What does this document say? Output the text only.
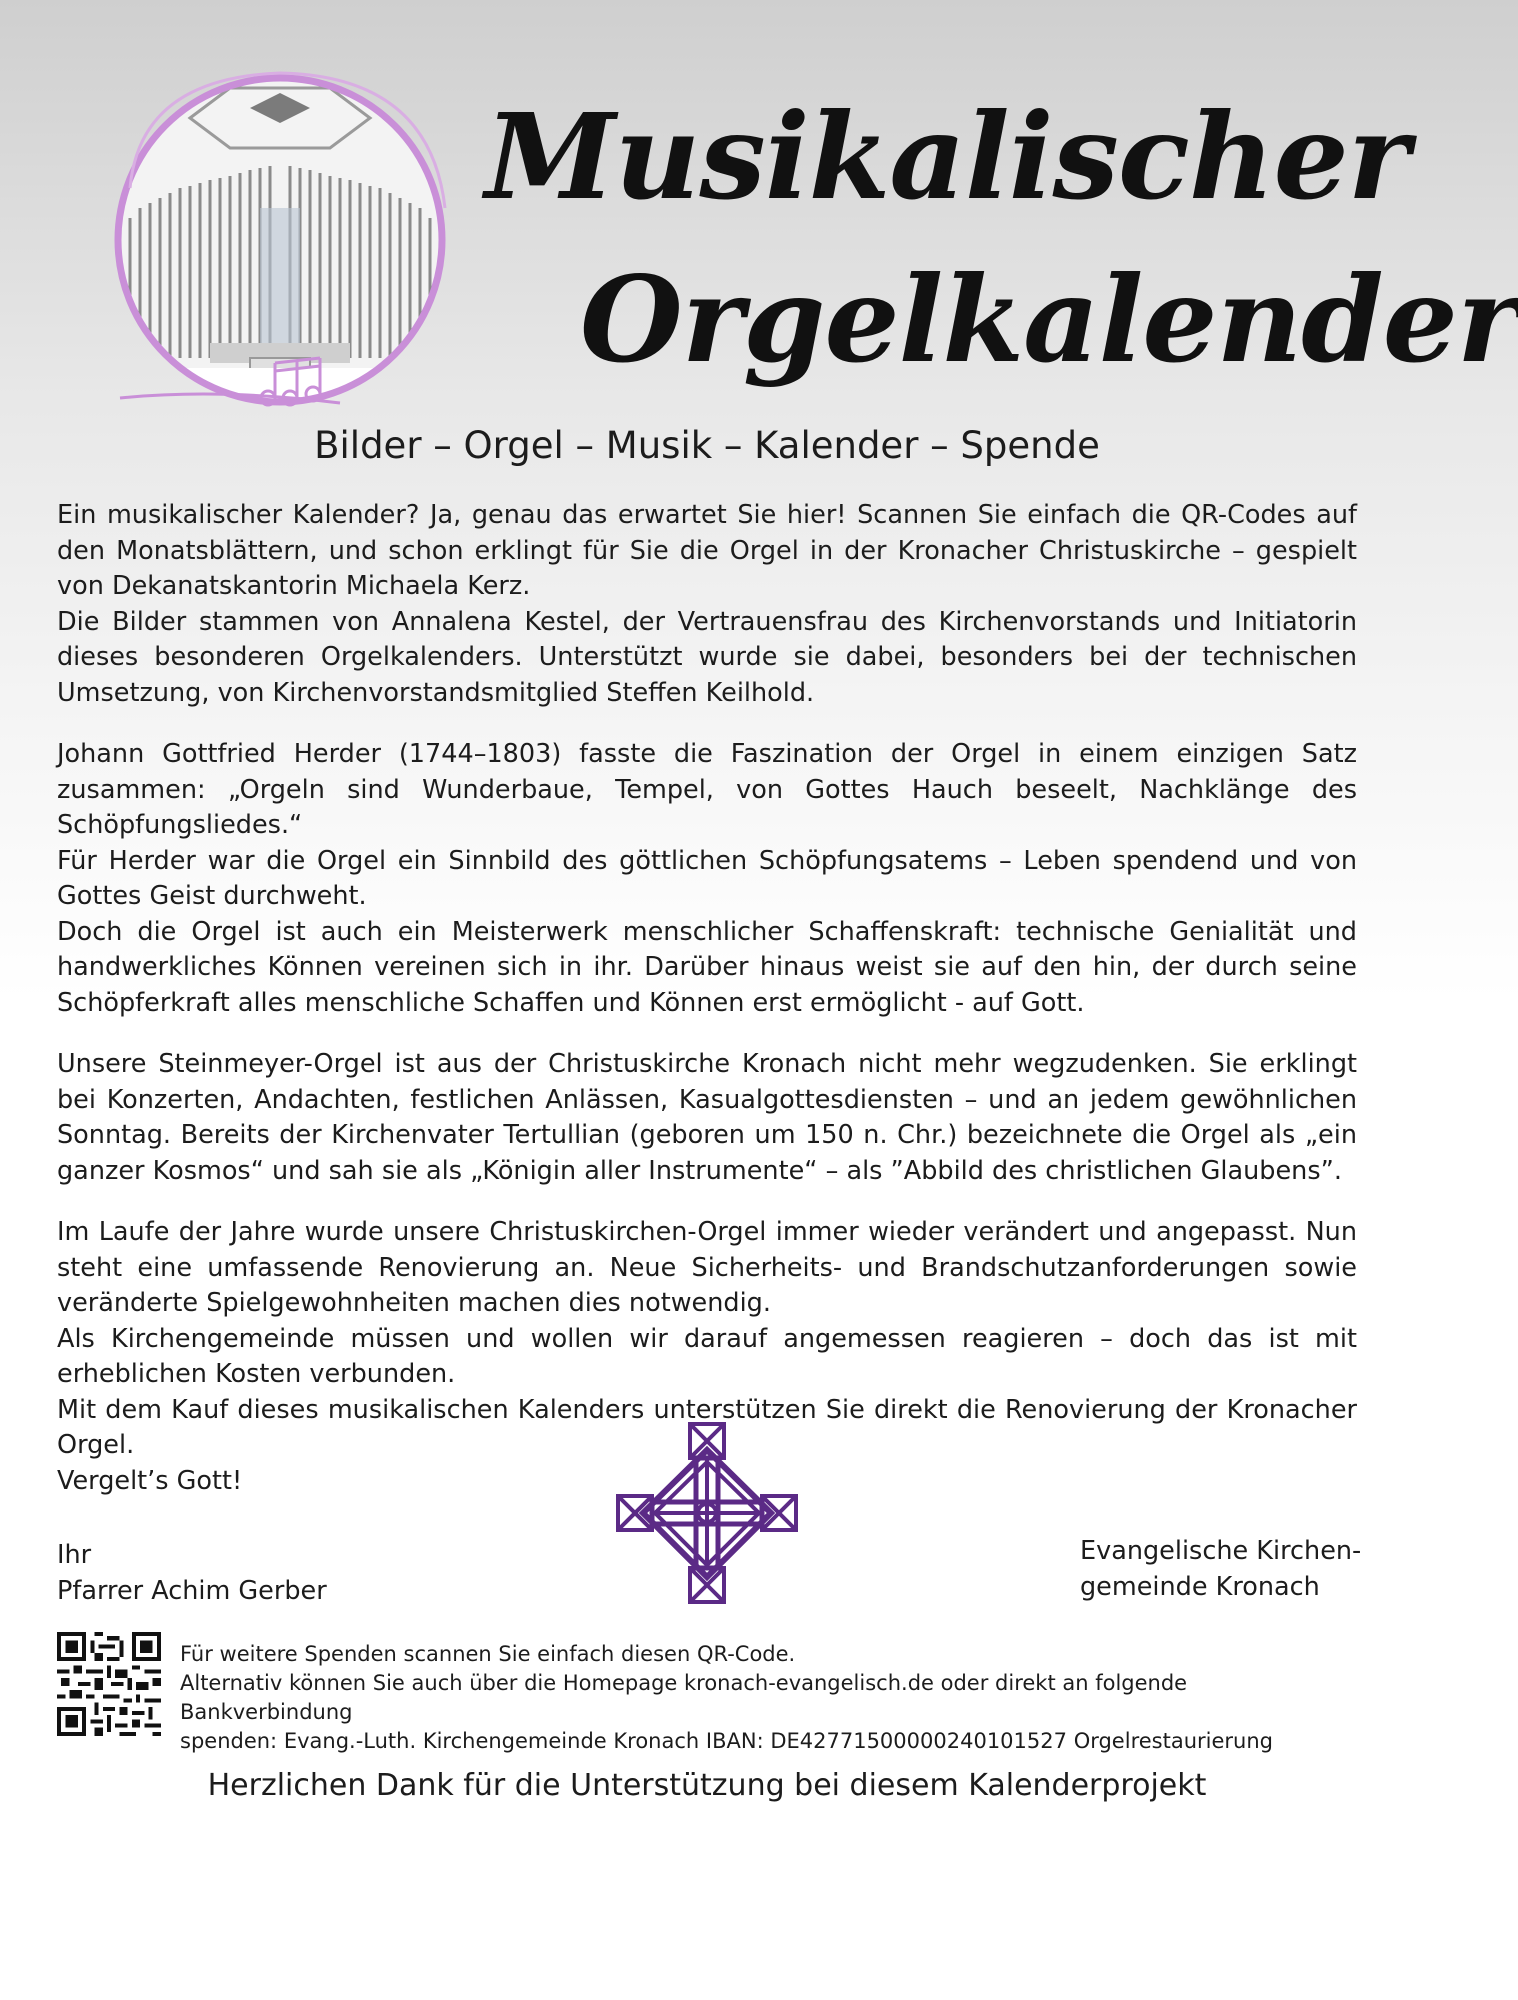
Musikalischer
Orgelkalender
Bilder – Orgel – Musik – Kalender – Spende

Ein musikalischer Kalender? Ja, genau das erwartet Sie hier! Scannen Sie einfach die QR-Codes auf den Monatsblättern, und schon erklingt für Sie die Orgel in der Kronacher Christuskirche – gespielt von Dekanatskantorin Michaela Kerz.
Die Bilder stammen von Annalena Kestel, der Vertrauensfrau des Kirchenvorstands und Initiatorin dieses besonderen Orgelkalenders. Unterstützt wurde sie dabei, besonders bei der technischen Umsetzung, von Kirchenvorstandsmitglied Steffen Keilhold.

Johann Gottfried Herder (1744–1803) fasste die Faszination der Orgel in einem einzigen Satz zusammen: „Orgeln sind Wunderbaue, Tempel, von Gottes Hauch beseelt, Nachklänge des Schöpfungsliedes.“
Für Herder war die Orgel ein Sinnbild des göttlichen Schöpfungsatems – Leben spendend und von Gottes Geist durchweht.
Doch die Orgel ist auch ein Meisterwerk menschlicher Schaffenskraft: technische Genialität und handwerkliches Können vereinen sich in ihr. Darüber hinaus weist sie auf den hin, der durch seine Schöpferkraft alles menschliche Schaffen und Können erst ermöglicht - auf Gott.

Unsere Steinmeyer-Orgel ist aus der Christuskirche Kronach nicht mehr wegzudenken. Sie erklingt bei Konzerten, Andachten, festlichen Anlässen, Kasualgottesdiensten – und an jedem gewöhnlichen Sonntag. Bereits der Kirchenvater Tertullian (geboren um 150 n. Chr.) bezeichnete die Orgel als „ein ganzer Kosmos“ und sah sie als „Königin aller Instrumente“ – als ”Abbild des christlichen Glaubens”.

Im Laufe der Jahre wurde unsere Christuskirchen-Orgel immer wieder verändert und angepasst. Nun steht eine umfassende Renovierung an. Neue Sicherheits- und Brandschutzanforderungen sowie veränderte Spielgewohnheiten machen dies notwendig.
Als Kirchengemeinde müssen und wollen wir darauf angemessen reagieren – doch das ist mit erheblichen Kosten verbunden.
Mit dem Kauf dieses musikalischen Kalenders unterstützen Sie direkt die Renovierung der Kronacher Orgel.

Vergelt’s Gott!
Ihr
Pfarrer Achim Gerber
Evangelische Kirchen-
gemeinde Kronach
Für weitere Spenden scannen Sie einfach diesen QR-Code.
Alternativ können Sie auch über die Homepage kronach-evangelisch.de oder direkt an folgende Bankverbindung
spenden: Evang.-Luth. Kirchengemeinde Kronach IBAN: DE42771500000240101527 Orgelrestaurierung
Herzlichen Dank für die Unterstützung bei diesem Kalenderprojekt
